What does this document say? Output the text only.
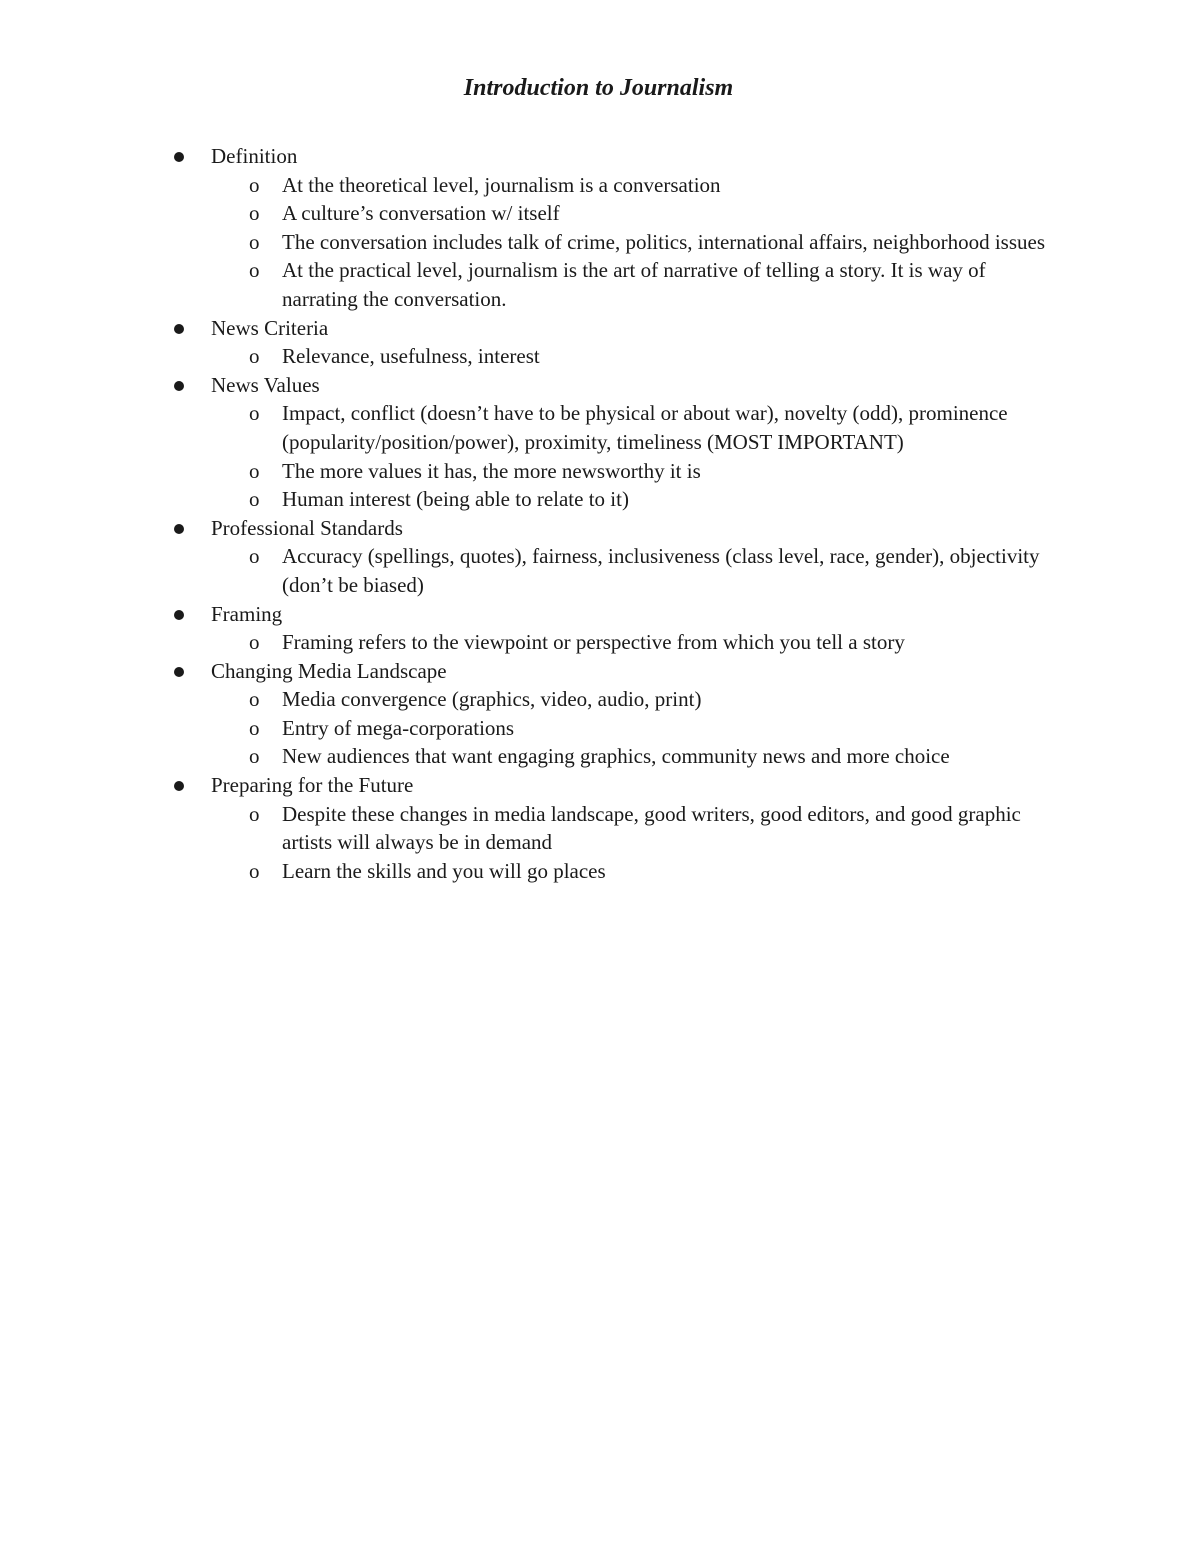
Introduction to Journalism
Definition
o At the theoretical level, journalism is a conversation
o A culture’s conversation w/ itself
o The conversation includes talk of crime, politics, international affairs, neighborhood issues
o At the practical level, journalism is the art of narrative of telling a story. It is way of narrating the conversation.
News Criteria
o Relevance, usefulness, interest
News Values
o Impact, conflict (doesn’t have to be physical or about war), novelty (odd), prominence (popularity/position/power), proximity, timeliness (MOST IMPORTANT)
o The more values it has, the more newsworthy it is
o Human interest (being able to relate to it)
Professional Standards
o Accuracy (spellings, quotes), fairness, inclusiveness (class level, race, gender), objectivity (don’t be biased)
Framing
o Framing refers to the viewpoint or perspective from which you tell a story
Changing Media Landscape
o Media convergence (graphics, video, audio, print)
o Entry of mega-corporations
o New audiences that want engaging graphics, community news and more choice
Preparing for the Future
o Despite these changes in media landscape, good writers, good editors, and good graphic artists will always be in demand
o Learn the skills and you will go places
